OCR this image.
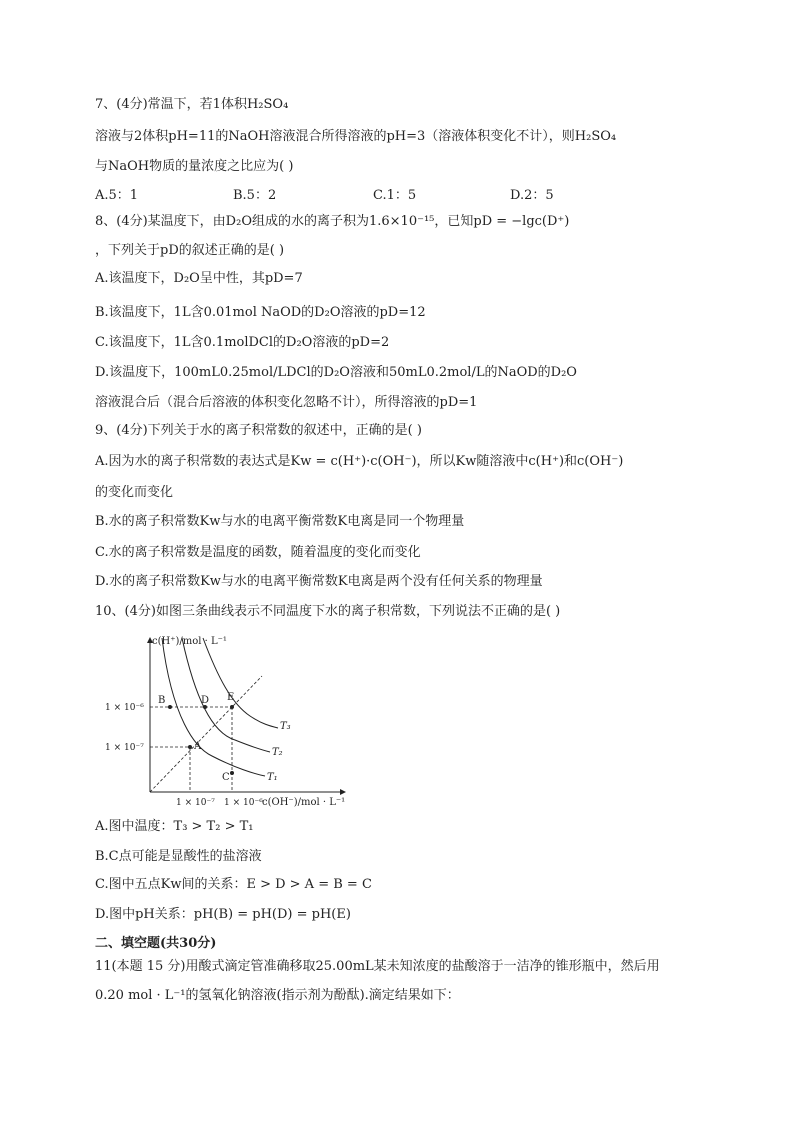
7、(4分)常温下，若1体积H₂SO₄
溶液与2体积pH=11的NaOH溶液混合所得溶液的pH=3（溶液体积变化不计），则H₂SO₄
与NaOH物质的量浓度之比应为( )
A.5：1	B.5：2	C.1：5	D.2：5
8、(4分)某温度下，由D₂O组成的水的离子积为1.6×10⁻¹⁵，已知pD = −lgc(D⁺)
，下列关于pD的叙述正确的是( )
A.该温度下，D₂O呈中性，其pD=7
B.该温度下，1L含0.01mol NaOD的D₂O溶液的pD=12
C.该温度下，1L含0.1molDCl的D₂O溶液的pD=2
D.该温度下，100mL0.25mol/LDCl的D₂O溶液和50mL0.2mol/L的NaOD的D₂O
溶液混合后（混合后溶液的体积变化忽略不计），所得溶液的pD=1
9、(4分)下列关于水的离子积常数的叙述中，正确的是( )
A.因为水的离子积常数的表达式是Kw = c(H⁺)·c(OH⁻)，所以Kw随溶液中c(H⁺)和c(OH⁻)
的变化而变化
B.水的离子积常数Kw与水的电离平衡常数K电离是同一个物理量
C.水的离子积常数是温度的函数，随着温度的变化而变化
D.水的离子积常数Kw与水的电离平衡常数K电离是两个没有任何关系的物理量
10、(4分)如图三条曲线表示不同温度下水的离子积常数，下列说法不正确的是( )
c(H⁺)/mol · L⁻¹
c(OH⁻)/mol · L⁻¹
A
B
C
D E
T₁
T₂
T₃
1 × 10⁻⁶
1 × 10⁻⁷
1 × 10⁻⁷ 1 × 10⁻⁶
A.图中温度：T₃ > T₂ > T₁
B.C点可能是显酸性的盐溶液
C.图中五点Kw间的关系：E > D > A = B = C
D.图中pH关系：pH(B) = pH(D) = pH(E)
二、填空题(共30分)
11(本题 15 分)用酸式滴定管准确移取25.00mL某未知浓度的盐酸溶于一洁净的锥形瓶中，然后用
0.20 mol · L⁻¹的氢氧化钠溶液(指示剂为酚酞).滴定结果如下：
